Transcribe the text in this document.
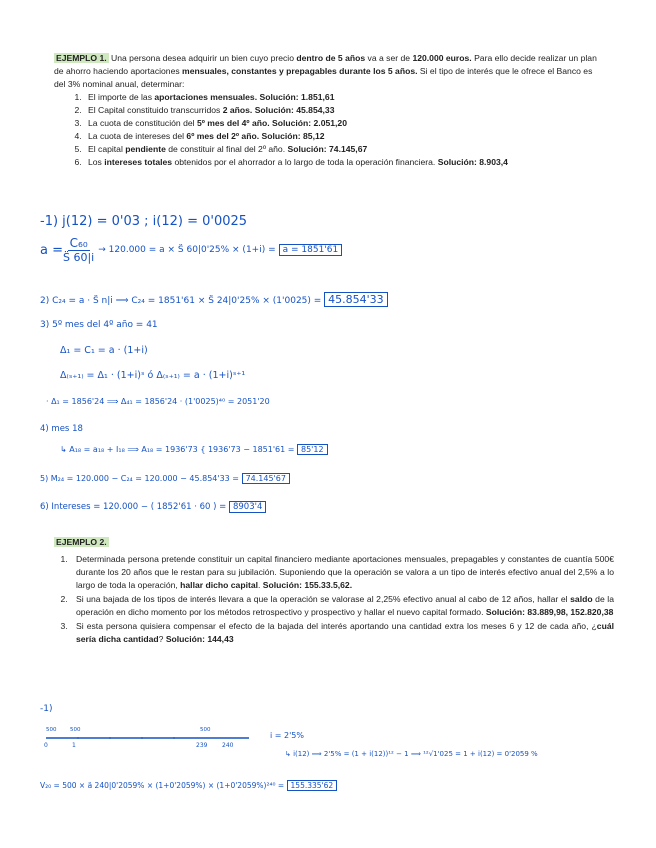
EJEMPLO 1. Una persona desea adquirir un bien cuyo precio dentro de 5 años va a ser de 120.000 euros. Para ello decide realizar un plan de ahorro haciendo aportaciones mensuales, constantes y prepagables durante los 5 años. Si el tipo de interés que le ofrece el Banco es del 3% nominal anual, determinar:
1. El importe de las aportaciones mensuales. Solución: 1.851,61
2. El Capital constituido transcurridos 2 años. Solución: 45.854,33
3. La cuota de constitución del 5º mes del 4º año. Solución: 2.051,20
4. La cuota de intereses del 6º mes del 2º año. Solución: 85,12
5. El capital pendiente de constituir al final del 2º año. Solución: 74.145,67
6. Los intereses totales obtenidos por el ahorrador a lo largo de toda la operación financiera. Solución: 8.903,4
-1) j(12) = 0'03 ; i(12) = 0'0025
$a = \frac{\text{C₆₀}}{S̈ 60|i} \to 120.000 = a$ × S̈ 60|0'25% × (1+i) = a = 1851'61
2) C₂₄ = a · S̈ n|i ⟹ C₂₄ = 1851'61 × S̈ 24|0'25% × (1'0025) = 45.854'33
3) 5º mes del 4º año = 41
Δ₁ = C₁ = a · (1+i)
Δ₍ₛ₊₁₎ = Δ₁ · (1+i)ˢ ó Δ₍ₛ₊₁₎ = a · (1+i)ˢ⁺¹
· Δ₁ = 1856'24 ⟹ Δ₄₁ = 1856'24 · (1'0025)⁴⁰ = 2051'20
4) mes 18
↳ A₁₈ = a₁₈ + I₁₈ ⟹ A₁₈ = 1936'73 { 1936'73 − 1851'61 = 85'12
5) M₂₄ = 120.000 − C₂₄ = 120.000 − 45.854'33 = 74.145'67
6) Intereses = 120.000 − ( 1852'61 · 60 ) = 8903'4
EJEMPLO 2.
1. Determinada persona pretende constituir un capital financiero mediante aportaciones mensuales, prepagables y constantes de cuantía 500€ durante los 20 años que le restan para su jubilación. Suponiendo que la operación se valora a un tipo de interés efectivo anual del 2,5% a lo largo de toda la operación, hallar dicho capital. Solución: 155.33.5,62.
2. Si una bajada de los tipos de interés llevara a que la operación se valorase al 2,25% efectivo anual al cabo de 12 años, hallar el saldo de la operación en dicho momento por los métodos retrospectivo y prospectivo y hallar el nuevo capital formado. Solución: 83.889,98, 152.820,38
3. Si esta persona quisiera compensar el efecto de la bajada del interés aportando una cantidad extra los meses 6 y 12 de cada año, ¿cuál sería dicha cantidad? Solución: 144,43
-1)
500 500	500
0	1	239 240
i = 2'5%
↳ i(12) ⟹ 2'5% = (1 + i(12))¹² − 1 ⟹ ¹²√1'025 = 1 + i(12) = 0'2059 %
V₂₀ = 500 × ä 240|0'2059% × (1+0'2059%) × (1+0'2059%)²⁴⁰ = 155.335'62
